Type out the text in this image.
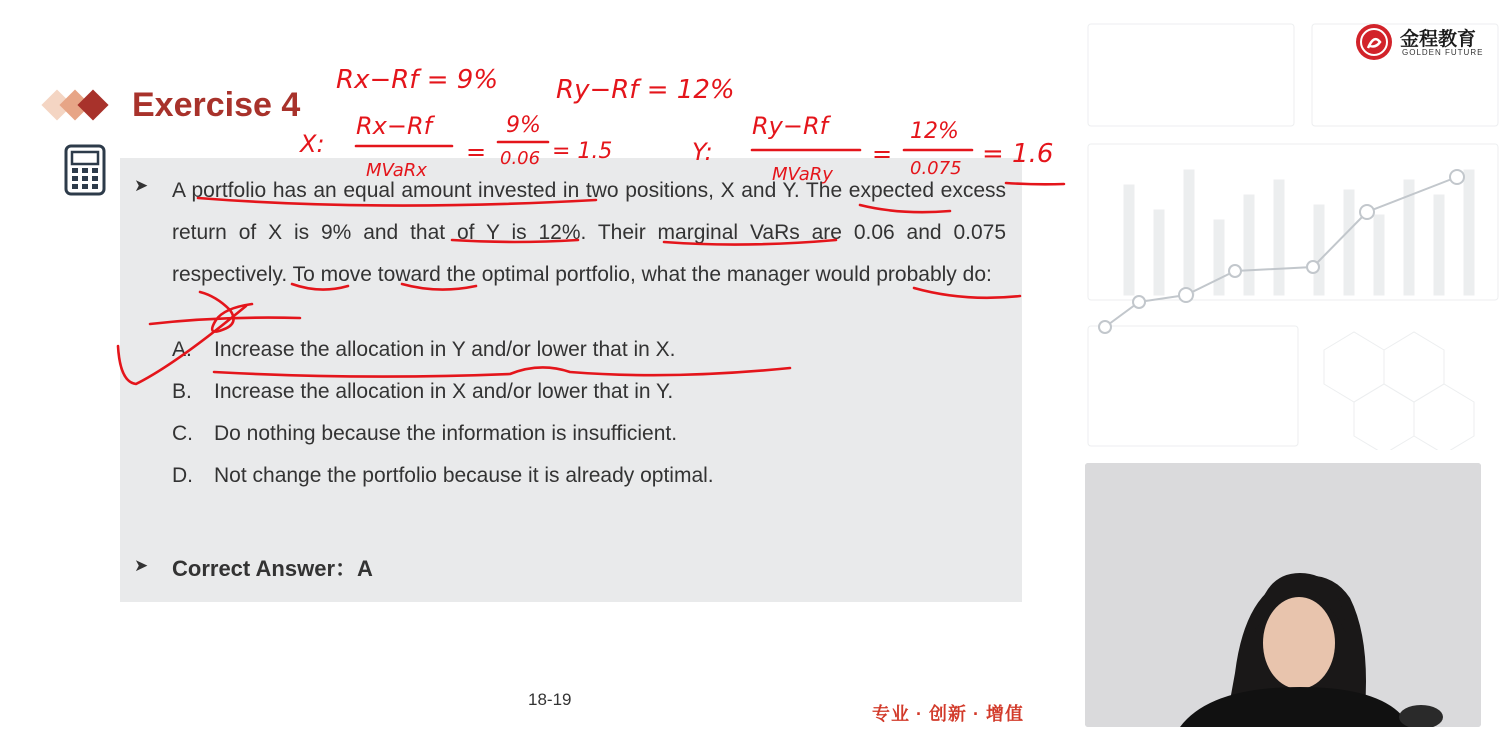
Exercise 4
➤ A portfolio has an equal amount invested in two positions, X and Y. The expected excess return of X is 9% and that of Y is 12%. Their marginal VaRs are 0.06 and 0.075 respectively. To move toward the optimal portfolio, what the manager would probably do:

A. Increase the allocation in Y and/or lower that in X.
B. Increase the allocation in X and/or lower that in Y.
C. Do nothing because the information is insufficient.
D. Not change the portfolio because it is already optimal.
➤ Correct Answer：A
18-19
专业 · 创新 · 增值
金程教育
GOLDEN FUTURE
Rx−Rf = 9% Ry−Rf = 12%
X:
Rx−Rf
MVaRx
=
9%
0.06 = 1.5	Y:
Ry−Rf
MVaRy
=
12%
0.075 = 1.6
